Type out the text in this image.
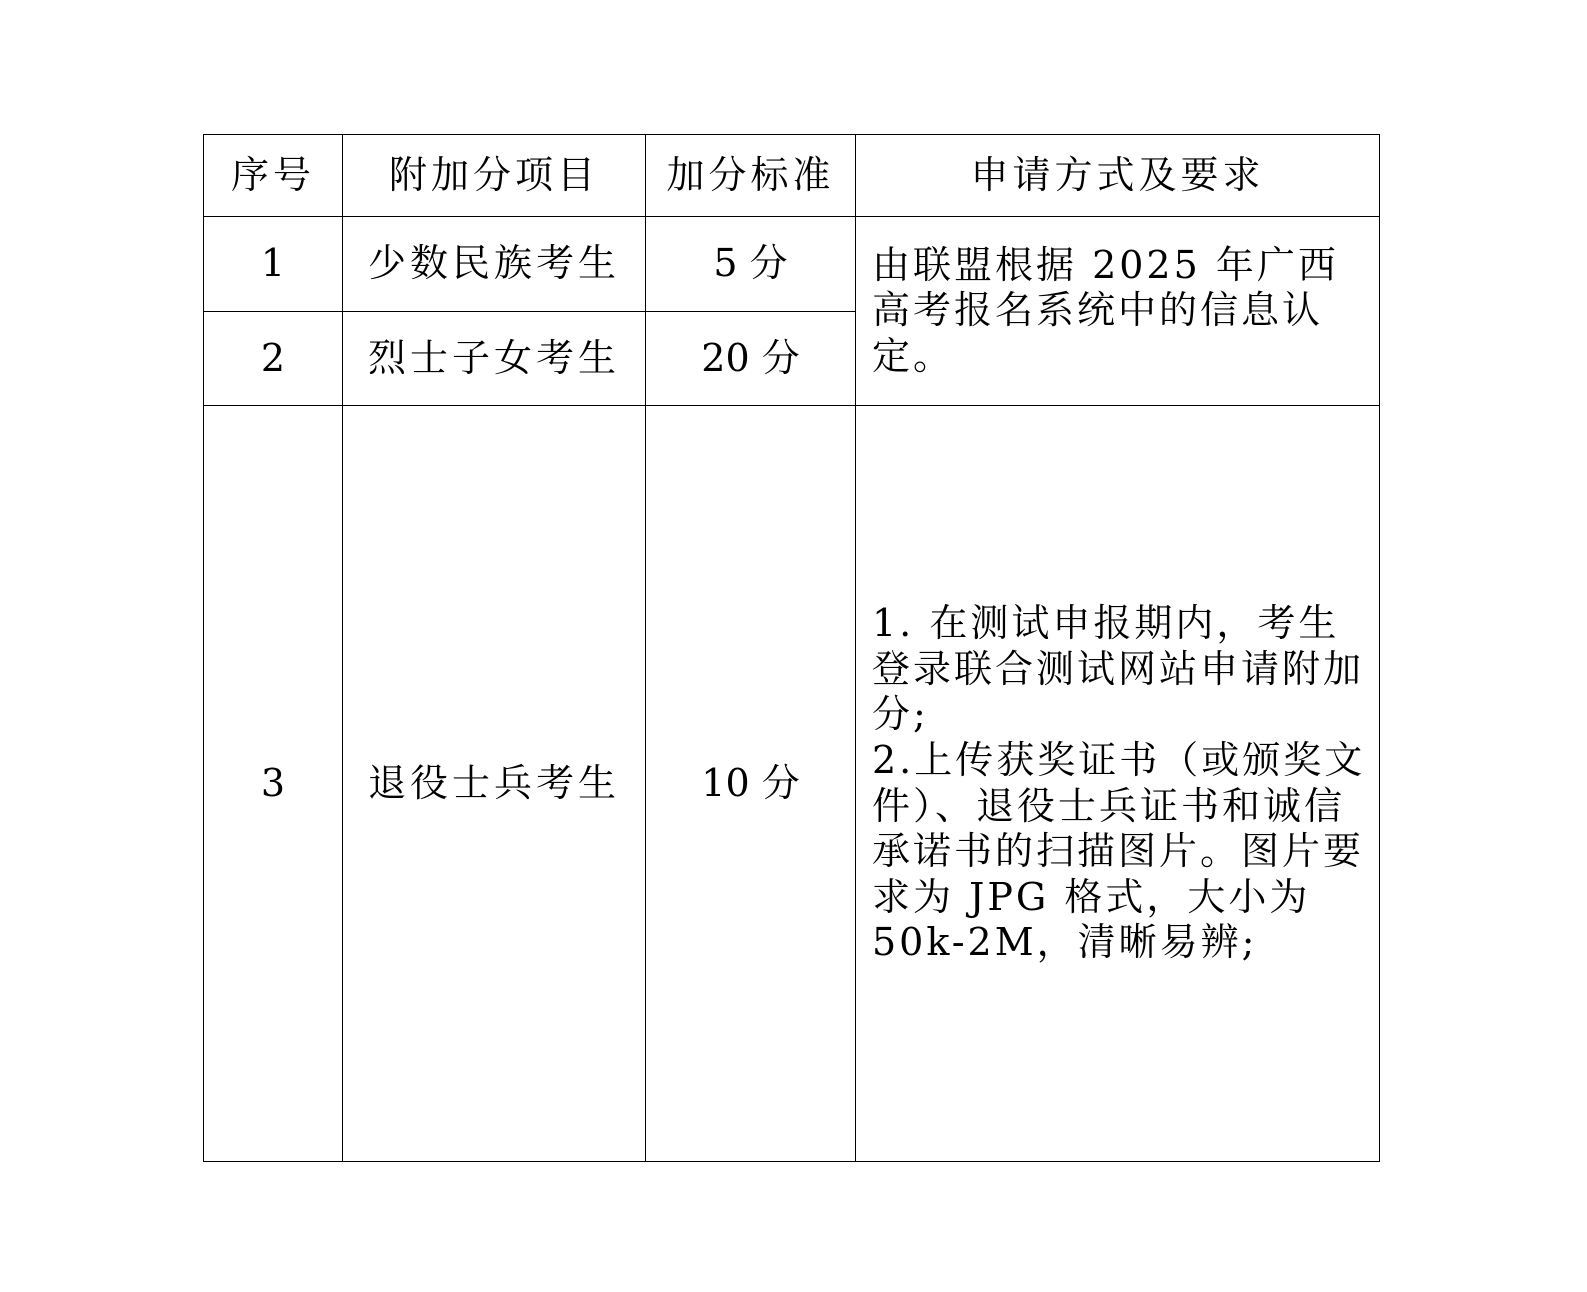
序号	附加分项目	加分标准	申请方式及要求
1	少数民族考生	5 分	由联盟根据 2025 年广西高考报名系统中的信息认定。
2	烈士子女考生	20 分	
3	退役士兵考生	10 分	1. 在测试申报期内，考生登录联合测试网站申请附加分;
2.上传获奖证书（或颁奖文件）、退役士兵证书和诚信承诺书的扫描图片。图片要求为 JPG 格式，大小为 50k-2M，清晰易辨;
